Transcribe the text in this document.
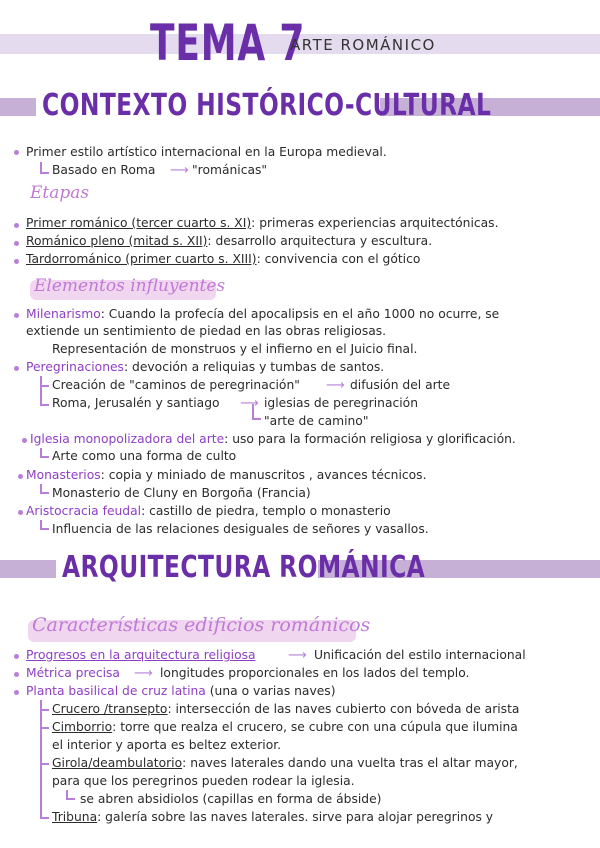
TEMA 7
ARTE ROMÁNICO
CONTEXTO HISTÓRICO-CULTURAL
Primer estilo artístico internacional en la Europa medieval.
Basado en Roma ⟶ "románicas"
Etapas
Primer románico (tercer cuarto s. XI): primeras experiencias arquitectónicas.
Románico pleno (mitad s. XII): desarrollo arquitectura y escultura.
Tardorrománico (primer cuarto s. XIII): convivencia con el gótico
Elementos influyentes
Milenarismo: Cuando la profecía del apocalipsis en el año 1000 no ocurre, se
extiende un sentimiento de piedad en las obras religiosas.
Representación de monstruos y el infierno en el Juicio final.
Peregrinaciones: devoción a reliquias y tumbas de santos.
Creación de "caminos de peregrinación" ⟶ difusión del arte
Roma, Jerusalén y santiago ⟶ iglesias de peregrinación
"arte de camino"
Iglesia monopolizadora del arte: uso para la formación religiosa y glorificación.
Arte como una forma de culto
Monasterios: copia y miniado de manuscritos , avances técnicos.
Monasterio de Cluny en Borgoña (Francia)
Aristocracia feudal: castillo de piedra, templo o monasterio
Influencia de las relaciones desiguales de señores y vasallos.
ARQUITECTURA ROMÁNICA
Características edificios románicos
Progresos en la arquitectura religiosa ⟶ Unificación del estilo internacional
Métrica precisa ⟶ longitudes proporcionales en los lados del templo.
Planta basilical de cruz latina (una o varias naves)
Crucero /transepto: intersección de las naves cubierto con bóveda de arista
Cimborrio: torre que realza el crucero, se cubre con una cúpula que ilumina
el interior y aporta es beltez exterior.
Girola/deambulatorio: naves laterales dando una vuelta tras el altar mayor,
para que los peregrinos pueden rodear la iglesia.
se abren absidiolos (capillas en forma de ábside)
Tribuna: galería sobre las naves laterales. sirve para alojar peregrinos y
